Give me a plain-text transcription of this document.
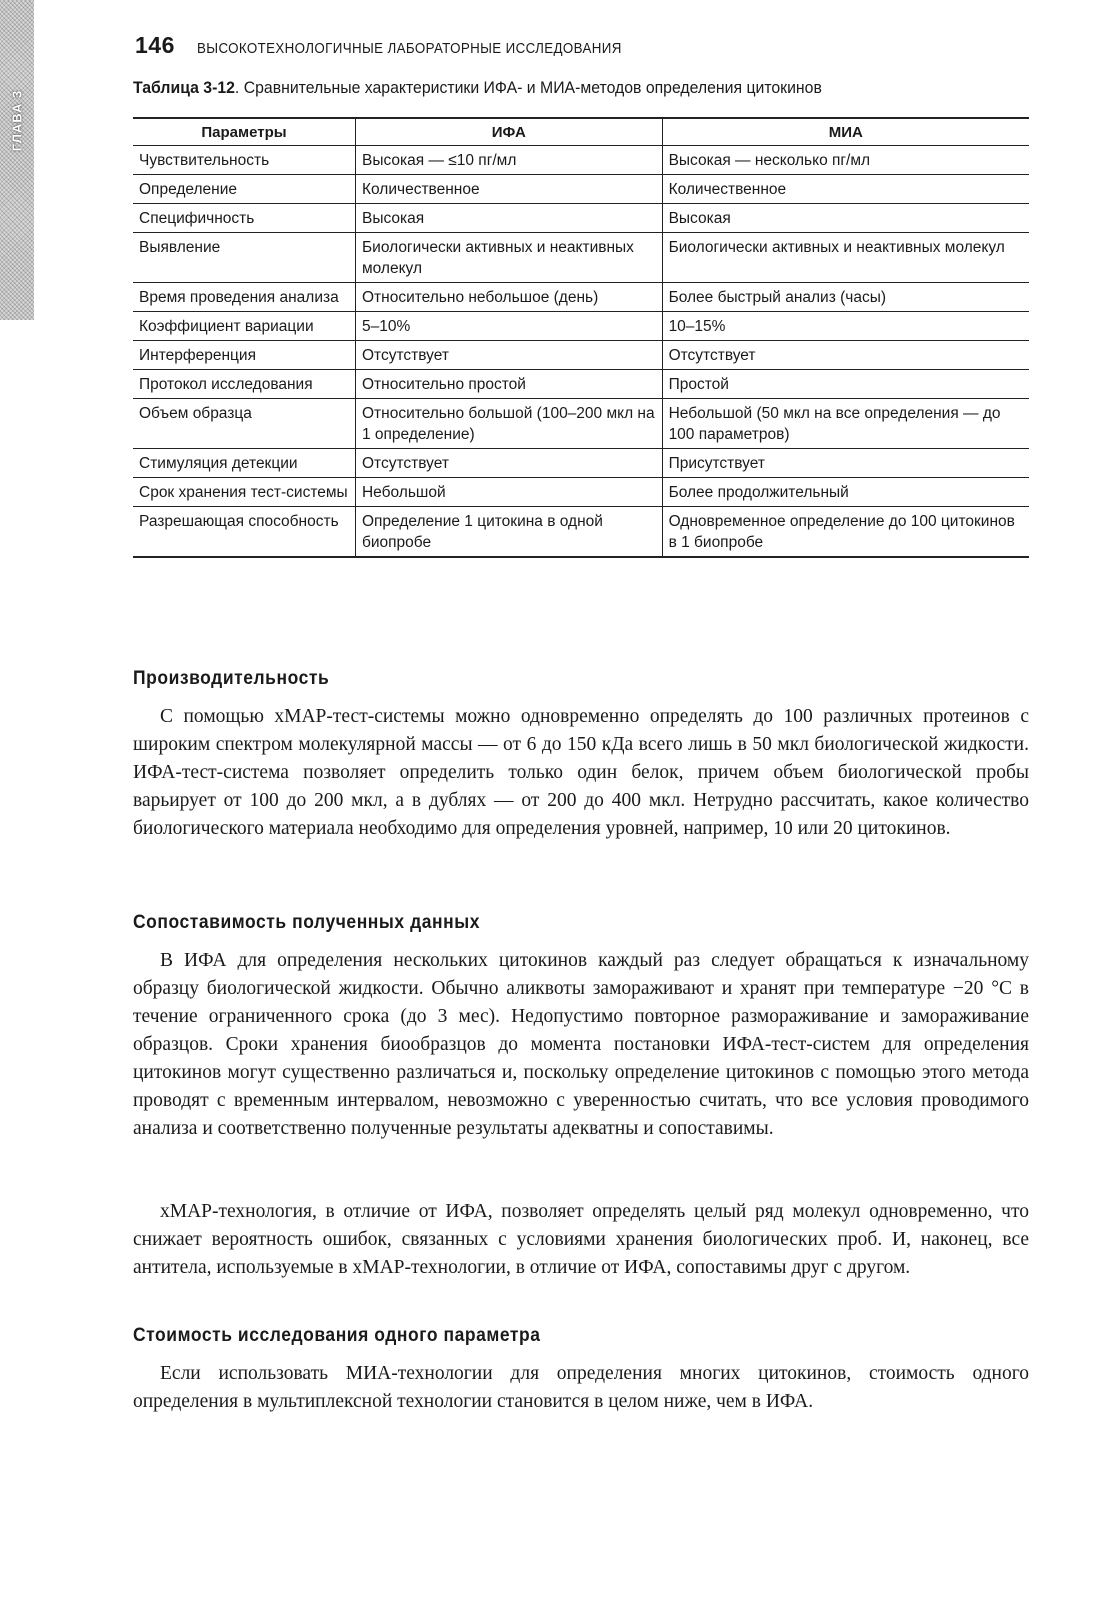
ГЛАВА 3
146 ВЫСОКОТЕХНОЛОГИЧНЫЕ ЛАБОРАТОРНЫЕ ИССЛЕДОВАНИЯ
Таблица 3-12. Сравнительные характеристики ИФА- и МИА-методов определения цитокинов
Параметры	ИФА	МИА
Чувствительность	Высокая — ≤10 пг/мл	Высокая — несколько пг/мл
Определение	Количественное	Количественное
Специфичность	Высокая	Высокая
Выявление	Биологически активных и неактивных молекул	Биологически активных и неактивных молекул
Время проведения анализа	Относительно небольшое (день)	Более быстрый анализ (часы)
Коэффициент вариации	5–10%	10–15%
Интерференция	Отсутствует	Отсутствует
Протокол исследования	Относительно простой	Простой
Объем образца	Относительно большой (100–200 мкл на 1 определение)	Небольшой (50 мкл на все определения — до 100 параметров)
Стимуляция детекции	Отсутствует	Присутствует
Срок хранения тест-системы	Небольшой	Более продолжительный
Разрешающая способность	Определение 1 цитокина в одной биопробе	Одновременное определение до 100 цитокинов в 1 биопробе
Производительность

С помощью xMAP-тест-системы можно одновременно определять до 100 различных протеинов с широким спектром молекулярной массы — от 6 до 150 кДа всего лишь в 50 мкл биологической жидкости. ИФА-тест-система позволяет определить только один белок, причем объем биологической пробы варьирует от 100 до 200 мкл, а в дублях — от 200 до 400 мкл. Нетрудно рассчитать, какое количество биологического материала необходимо для определения уровней, например, 10 или 20 цитокинов.

Сопоставимость полученных данных

В ИФА для определения нескольких цитокинов каждый раз следует обращаться к изначальному образцу биологической жидкости. Обычно аликвоты замораживают и хранят при температуре −20 °С в течение ограниченного срока (до 3 мес). Недопустимо повторное размораживание и замораживание образцов. Сроки хранения биообразцов до момента постановки ИФА-тест-систем для определения цитокинов могут существенно различаться и, поскольку определение цитокинов с помощью этого метода проводят с временным интервалом, невозможно с уверенностью считать, что все условия проводимого анализа и соответственно полученные результаты адекватны и сопоставимы.

xMAP-технология, в отличие от ИФА, позволяет определять целый ряд молекул одновременно, что снижает вероятность ошибок, связанных с условиями хранения биологических проб. И, наконец, все антитела, используемые в xMAP-технологии, в отличие от ИФА, сопоставимы друг с другом.

Стоимость исследования одного параметра

Если использовать МИА-технологии для определения многих цитокинов, стоимость одного определения в мультиплексной технологии становится в целом ниже, чем в ИФА.
